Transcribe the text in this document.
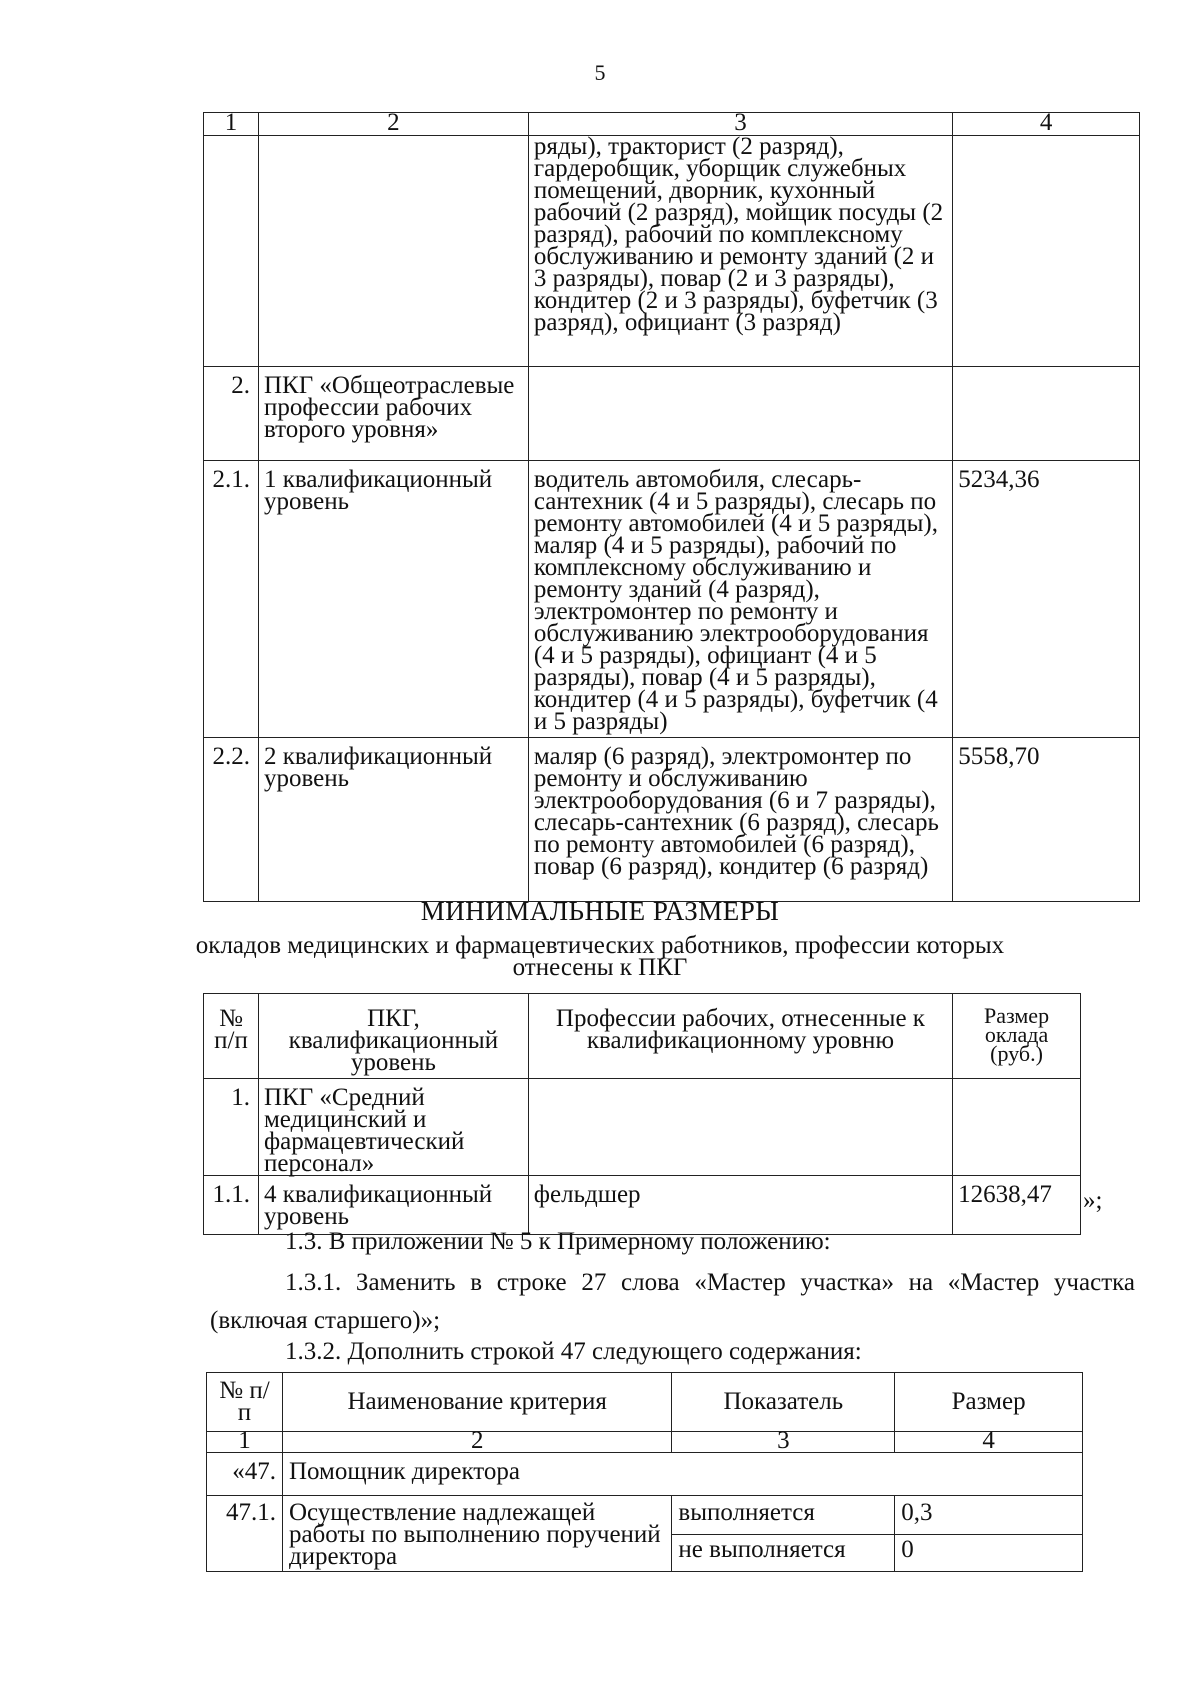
5
1	2	3	4
		ряды), тракторист (2 разряд), гардеробщик, уборщик служебных помещений, дворник, кухонный рабочий (2 разряд), мойщик посуды (2 разряд), рабочий по комплексному обслуживанию и ремонту зданий (2 и 3 разряды), повар (2 и 3 разряды), кондитер (2 и 3 разряды), буфетчик (3 разряд), официант (3 разряд)	
2.	ПКГ «Общеотраслевые профессии рабочих второго уровня»		
2.1.	1 квалификационный уровень	водитель автомобиля, слесарь-сантехник (4 и 5 разряды), слесарь по ремонту автомобилей (4 и 5 разряды), маляр (4 и 5 разряды), рабочий по комплексному обслуживанию и ремонту зданий (4 разряд), электромонтер по ремонту и обслуживанию электрооборудования (4 и 5 разряды), официант (4 и 5 разряды), повар (4 и 5 разряды), кондитер (4 и 5 разряды), буфетчик (4 и 5 разряды)	5234,36
2.2.	2 квалификационный уровень	маляр (6 разряд), электромонтер по ремонту и обслуживанию электрооборудования (6 и 7 разряды), слесарь-сантехник (6 разряд), слесарь по ремонту автомобилей (6 разряд), повар (6 разряд), кондитер (6 разряд)	5558,70
МИНИМАЛЬНЫЕ РАЗМЕРЫ
окладов медицинских и фармацевтических работников, профессии которых отнесены к ПКГ
№ п/п	ПКГ, квалификационный уровень	Профессии рабочих, отнесенные к квалификационному уровню	Размер оклада (руб.)
1.	ПКГ «Средний медицинский и фармацевтический персонал»		
1.1.	4 квалификационный уровень	фельдшер	12638,47 »;
1.3. В приложении № 5 к Примерному положению:
1.3.1. Заменить в строке 27 слова «Мастер участка» на «Мастер участка (включая старшего)»;
1.3.2. Дополнить строкой 47 следующего содержания:
№ п/п	Наименование критерия	Показатель	Размер
1	2	3	4
«47.	Помощник директора		
47.1.	Осуществление надлежащей работы по выполнению поручений директора	выполняется	0,3
		не выполняется	0
